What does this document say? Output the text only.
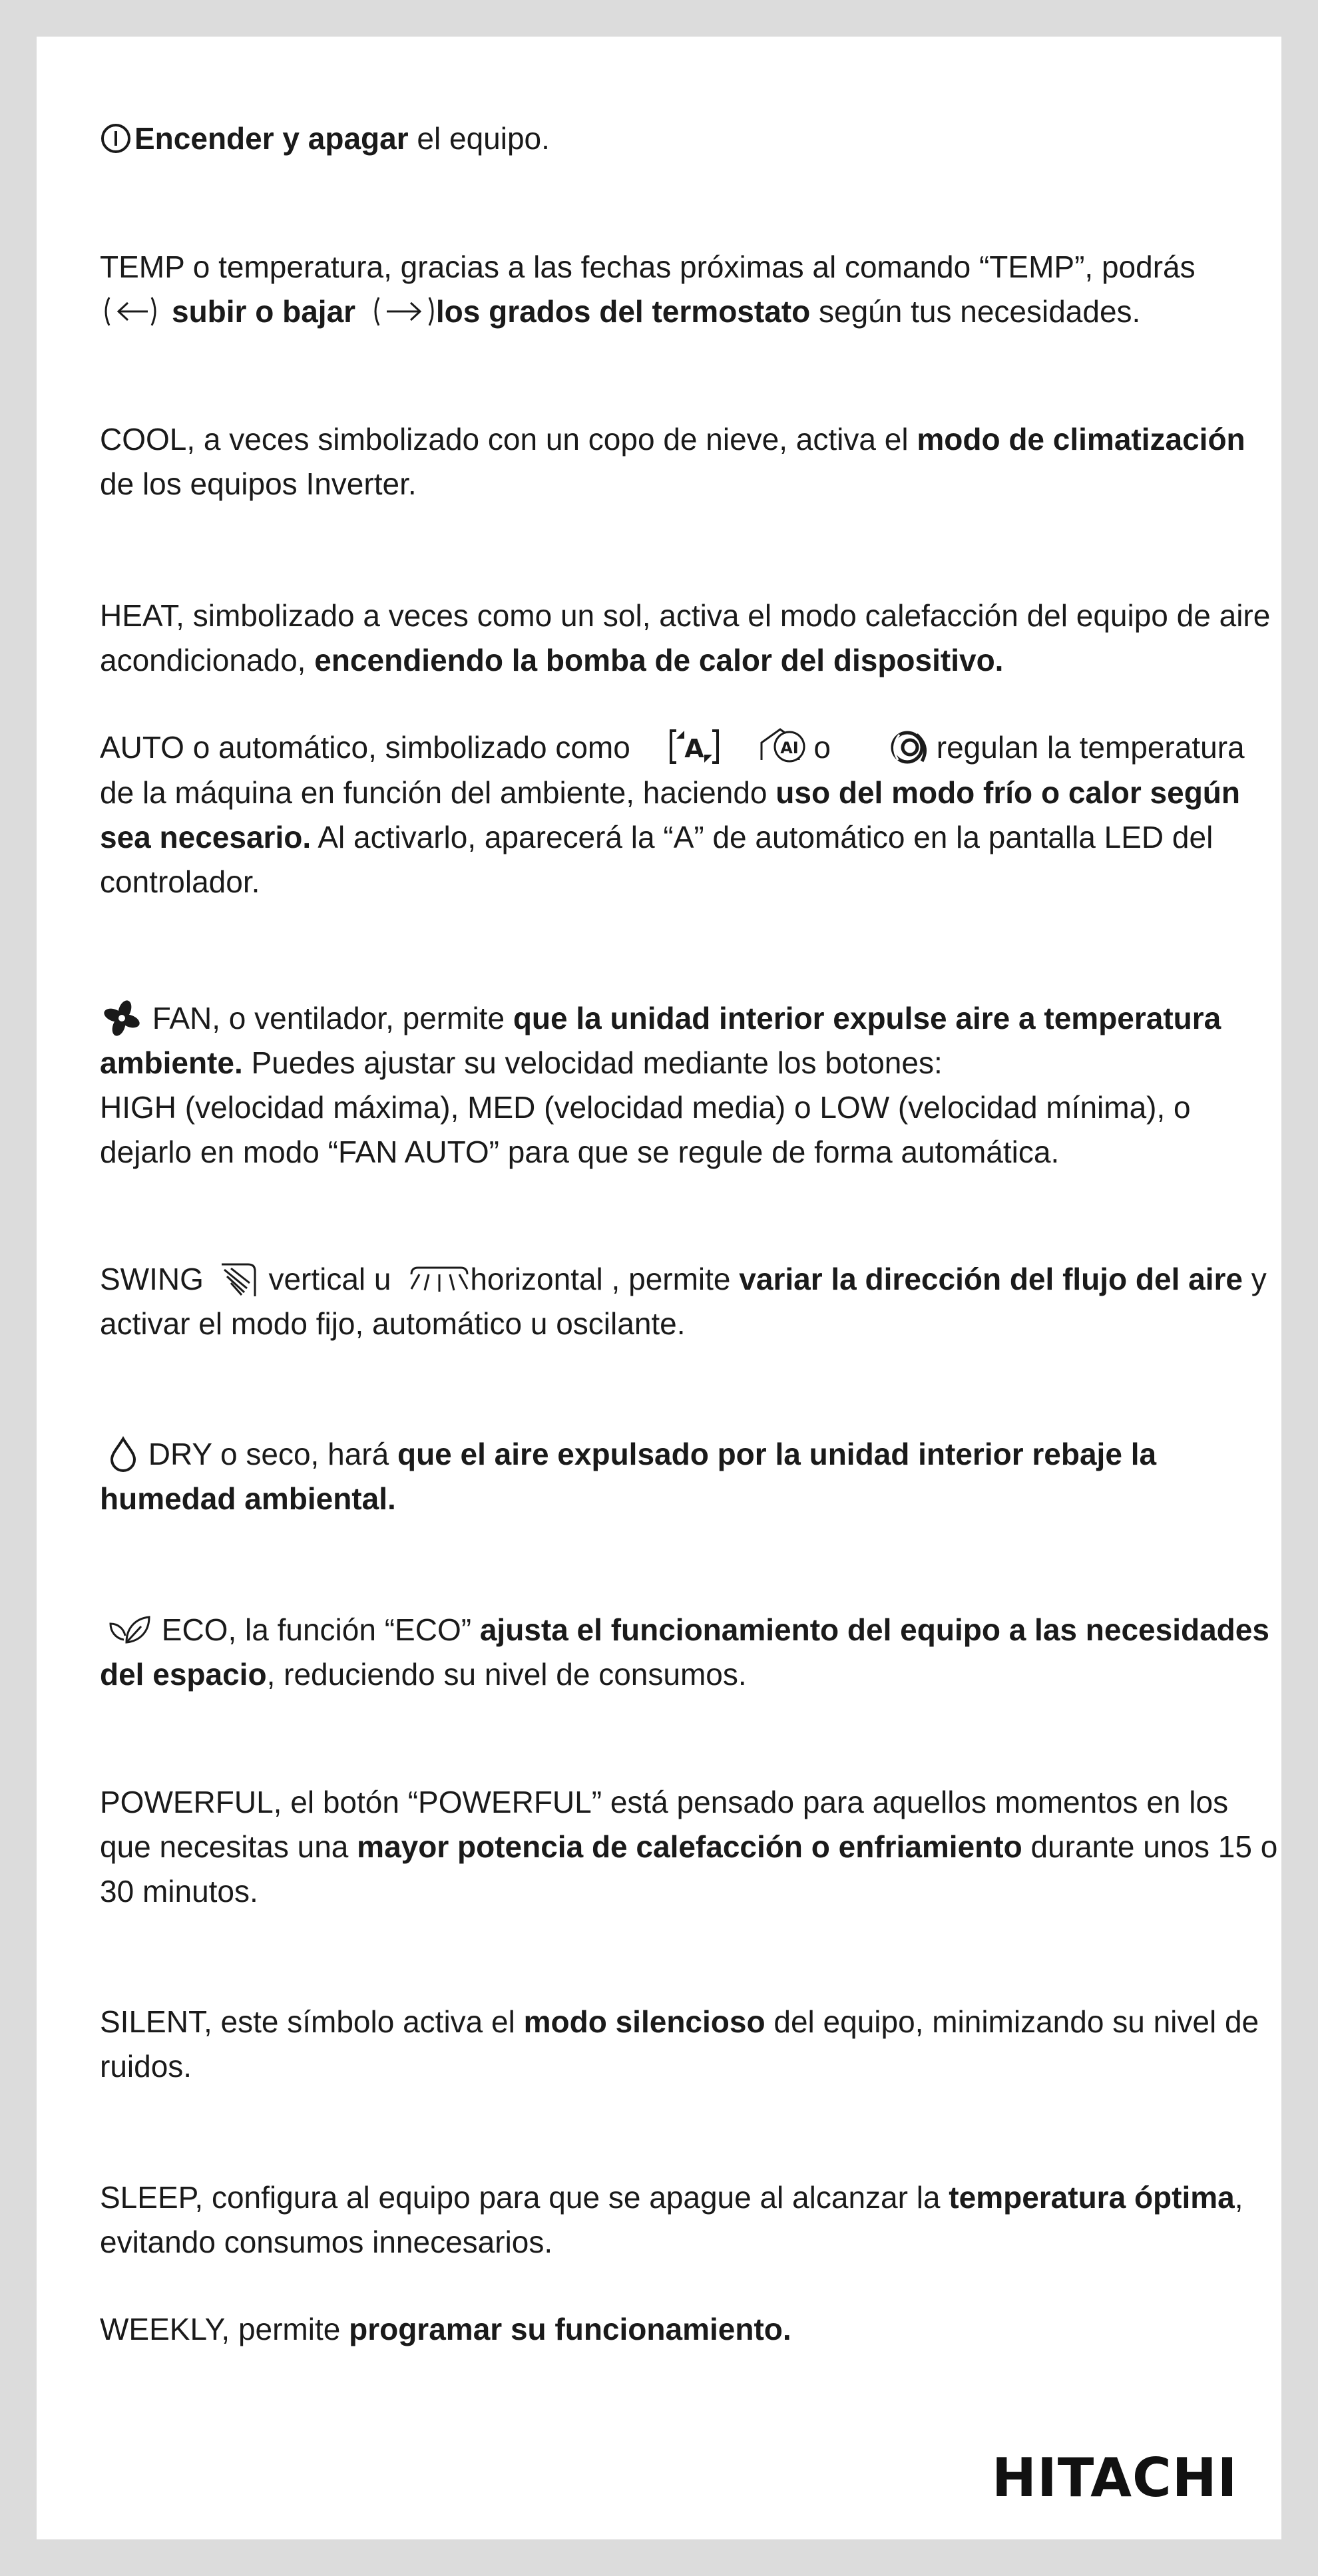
Encender y apagar el equipo.

TEMP o temperatura, gracias a las fechas próximas al comando “TEMP”, podrás

subir o bajar	los grados del termostato según tus necesidades.

COOL, a veces simbolizado con un copo de nieve, activa el modo de climatización de los equipos Inverter.

HEAT, simbolizado a veces como un sol, activa el modo calefacción del equipo de aire acondicionado, encendiendo la bomba de calor del dispositivo.

AUTO o automático, simbolizado como A
	AI o	regulan la temperatura de la máquina en función del ambiente, haciendo uso del modo frío o calor según sea necesario. Al activarlo, aparecerá la “A” de automático en la pantalla LED del controlador.

FAN, o ventilador, permite que la unidad interior expulse aire a temperatura ambiente. Puedes ajustar su velocidad mediante los botones:
HIGH (velocidad máxima), MED (velocidad media) o LOW (velocidad mínima), o dejarlo en modo “FAN AUTO” para que se regule de forma automática.

SWING
vertical u	horizontal , permite variar la dirección del flujo del aire y activar el modo fijo, automático u oscilante.

DRY o seco, hará que el aire expulsado por la unidad interior rebaje la humedad ambiental.

ECO, la función “ECO” ajusta el funcionamiento del equipo a las necesidades del espacio, reduciendo su nivel de consumos.

POWERFUL, el botón “POWERFUL” está pensado para aquellos momentos en los que necesitas una mayor potencia de calefacción o enfriamiento durante unos 15 o 30 minutos.

SILENT, este símbolo activa el modo silencioso del equipo, minimizando su nivel de ruidos.

SLEEP, configura al equipo para que se apague al alcanzar la temperatura óptima, evitando consumos innecesarios.

WEEKLY, permite programar su funcionamiento.

HITACHI
